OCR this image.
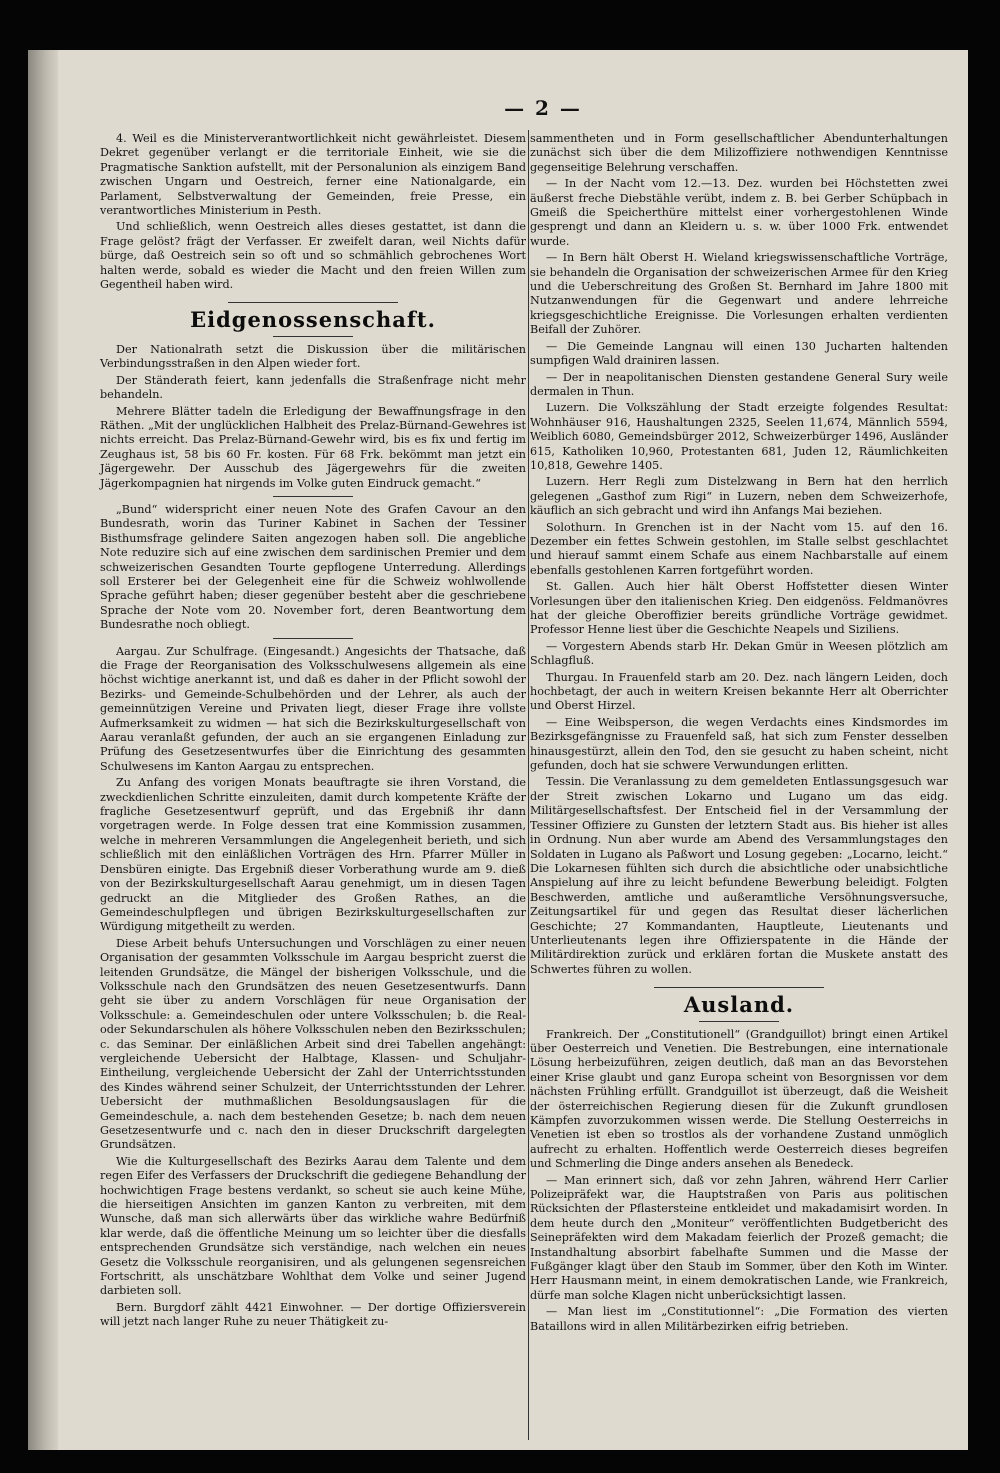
— 2 —

4. Weil es die Ministerverantwortlichkeit nicht gewährleistet. Diesem Dekret gegenüber verlangt er die territoriale Einheit, wie sie die Pragmatische Sanktion aufstellt, mit der Personalunion als einzigem Band zwischen Ungarn und Oestreich, ferner eine Nationalgarde, ein Parlament, Selbstverwaltung der Gemeinden, freie Presse, ein verantwortliches Ministerium in Pesth.

Und schließlich, wenn Oestreich alles dieses gestattet, ist dann die Frage gelöst? frägt der Verfasser. Er zweifelt daran, weil Nichts dafür bürge, daß Oestreich sein so oft und so schmählich gebrochenes Wort halten werde, sobald es wieder die Macht und den freien Willen zum Gegentheil haben wird.

Eidgenossenschaft.

Der Nationalrath setzt die Diskussion über die militärischen Verbindungsstraßen in den Alpen wieder fort.

Der Ständerath feiert, kann jedenfalls die Straßenfrage nicht mehr behandeln.

Mehrere Blätter tadeln die Erledigung der Bewaffnungsfrage in den Räthen. „Mit der unglücklichen Halbheit des Prelaz-Bürnand-Gewehres ist nichts erreicht. Das Prelaz-Bürnand-Gewehr wird, bis es fix und fertig im Zeughaus ist, 58 bis 60 Fr. kosten. Für 68 Frk. bekömmt man jetzt ein Jägergewehr. Der Ausschub des Jägergewehrs für die zweiten Jägerkompagnien hat nirgends im Volke guten Eindruck gemacht.“

„Bund“ widerspricht einer neuen Note des Grafen Cavour an den Bundesrath, worin das Turiner Kabinet in Sachen der Tessiner Bisthumsfrage gelindere Saiten angezogen haben soll. Die angebliche Note reduzire sich auf eine zwischen dem sardinischen Premier und dem schweizerischen Gesandten Tourte gepflogene Unterredung. Allerdings soll Ersterer bei der Gelegenheit eine für die Schweiz wohlwollende Sprache geführt haben; dieser gegenüber besteht aber die geschriebene Sprache der Note vom 20. November fort, deren Beantwortung dem Bundesrathe noch obliegt.

Aargau. Zur Schulfrage. (Eingesandt.) Angesichts der Thatsache, daß die Frage der Reorganisation des Volksschulwesens allgemein als eine höchst wichtige anerkannt ist, und daß es daher in der Pflicht sowohl der Bezirks- und Gemeinde-Schulbehörden und der Lehrer, als auch der gemeinnützigen Vereine und Privaten liegt, dieser Frage ihre vollste Aufmerksamkeit zu widmen — hat sich die Bezirkskulturgesellschaft von Aarau veranlaßt gefunden, der auch an sie ergangenen Einladung zur Prüfung des Gesetzesentwurfes über die Einrichtung des gesammten Schulwesens im Kanton Aargau zu entsprechen.

Zu Anfang des vorigen Monats beauftragte sie ihren Vorstand, die zweckdienlichen Schritte einzuleiten, damit durch kompetente Kräfte der fragliche Gesetzesentwurf geprüft, und das Ergebniß ihr dann vorgetragen werde. In Folge dessen trat eine Kommission zusammen, welche in mehreren Versammlungen die Angelegenheit berieth, und sich schließlich mit den einläßlichen Vorträgen des Hrn. Pfarrer Müller in Densbüren einigte. Das Ergebniß dieser Vorberathung wurde am 9. dieß von der Bezirkskulturgesellschaft Aarau genehmigt, um in diesen Tagen gedruckt an die Mitglieder des Großen Rathes, an die Gemeindeschulpflegen und übrigen Bezirkskulturgesellschaften zur Würdigung mitgetheilt zu werden.

Diese Arbeit behufs Untersuchungen und Vorschlägen zu einer neuen Organisation der gesammten Volksschule im Aargau bespricht zuerst die leitenden Grundsätze, die Mängel der bisherigen Volksschule, und die Volksschule nach den Grundsätzen des neuen Gesetzesentwurfs. Dann geht sie über zu andern Vorschlägen für neue Organisation der Volksschule: a. Gemeindeschulen oder untere Volksschulen; b. die Real- oder Sekundarschulen als höhere Volksschulen neben den Bezirksschulen; c. das Seminar. Der einläßlichen Arbeit sind drei Tabellen angehängt: vergleichende Uebersicht der Halbtage, Klassen- und Schuljahr-Eintheilung, vergleichende Uebersicht der Zahl der Unterrichtsstunden des Kindes während seiner Schulzeit, der Unterrichtsstunden der Lehrer. Uebersicht der muthmaßlichen Besoldungsauslagen für die Gemeindeschule, a. nach dem bestehenden Gesetze; b. nach dem neuen Gesetzesentwurfe und c. nach den in dieser Druckschrift dargelegten Grundsätzen.

Wie die Kulturgesellschaft des Bezirks Aarau dem Talente und dem regen Eifer des Verfassers der Druckschrift die gediegene Behandlung der hochwichtigen Frage bestens verdankt, so scheut sie auch keine Mühe, die hierseitigen Ansichten im ganzen Kanton zu verbreiten, mit dem Wunsche, daß man sich allerwärts über das wirkliche wahre Bedürfniß klar werde, daß die öffentliche Meinung um so leichter über die diesfalls entsprechenden Grundsätze sich verständige, nach welchen ein neues Gesetz die Volksschule reorganisiren, und als gelungenen segensreichen Fortschritt, als unschätzbare Wohlthat dem Volke und seiner Jugend darbieten soll.

Bern. Burgdorf zählt 4421 Einwohner. — Der dortige Offiziersverein will jetzt nach langer Ruhe zu neuer Thätigkeit zu-

sammentheten und in Form gesellschaftlicher Abendunterhaltungen zunächst sich über die dem Milizoffiziere nothwendigen Kenntnisse gegenseitige Belehrung verschaffen.

— In der Nacht vom 12.—13. Dez. wurden bei Höchstetten zwei äußerst freche Diebstähle verübt, indem z. B. bei Gerber Schüpbach in Gmeiß die Speicherthüre mittelst einer vorhergestohlenen Winde gesprengt und dann an Kleidern u. s. w. über 1000 Frk. entwendet wurde.

— In Bern hält Oberst H. Wieland kriegswissenschaftliche Vorträge, sie behandeln die Organisation der schweizerischen Armee für den Krieg und die Ueberschreitung des Großen St. Bernhard im Jahre 1800 mit Nutzanwendungen für die Gegenwart und andere lehrreiche kriegsgeschichtliche Ereignisse. Die Vorlesungen erhalten verdienten Beifall der Zuhörer.

— Die Gemeinde Langnau will einen 130 Jucharten haltenden sumpfigen Wald drainiren lassen.

— Der in neapolitanischen Diensten gestandene General Sury weile dermalen in Thun.

Luzern. Die Volkszählung der Stadt erzeigte folgendes Resultat: Wohnhäuser 916, Haushaltungen 2325, Seelen 11,674, Männlich 5594, Weiblich 6080, Gemeindsbürger 2012, Schweizerbürger 1496, Ausländer 615, Katholiken 10,960, Protestanten 681, Juden 12, Räumlichkeiten 10,818, Gewehre 1405.

Luzern. Herr Regli zum Distelzwang in Bern hat den herrlich gelegenen „Gasthof zum Rigi“ in Luzern, neben dem Schweizerhofe, käuflich an sich gebracht und wird ihn Anfangs Mai beziehen.

Solothurn. In Grenchen ist in der Nacht vom 15. auf den 16. Dezember ein fettes Schwein gestohlen, im Stalle selbst geschlachtet und hierauf sammt einem Schafe aus einem Nachbarstalle auf einem ebenfalls gestohlenen Karren fortgeführt worden.

St. Gallen. Auch hier hält Oberst Hoffstetter diesen Winter Vorlesungen über den italienischen Krieg. Den eidgenöss. Feldmanövres hat der gleiche Oberoffizier bereits gründliche Vorträge gewidmet. Professor Henne liest über die Geschichte Neapels und Siziliens.

— Vorgestern Abends starb Hr. Dekan Gmür in Weesen plötzlich am Schlagfluß.

Thurgau. In Frauenfeld starb am 20. Dez. nach längern Leiden, doch hochbetagt, der auch in weitern Kreisen bekannte Herr alt Oberrichter und Oberst Hirzel.

— Eine Weibsperson, die wegen Verdachts eines Kindsmordes im Bezirksgefängnisse zu Frauenfeld saß, hat sich zum Fenster desselben hinausgestürzt, allein den Tod, den sie gesucht zu haben scheint, nicht gefunden, doch hat sie schwere Verwundungen erlitten.

Tessin. Die Veranlassung zu dem gemeldeten Entlassungsgesuch war der Streit zwischen Lokarno und Lugano um das eidg. Militärgesellschaftsfest. Der Entscheid fiel in der Versammlung der Tessiner Offiziere zu Gunsten der letztern Stadt aus. Bis hieher ist alles in Ordnung. Nun aber wurde am Abend des Versammlungstages den Soldaten in Lugano als Paßwort und Losung gegeben: „Locarno, leicht.“ Die Lokarnesen fühlten sich durch die absichtliche oder unabsichtliche Anspielung auf ihre zu leicht befundene Bewerbung beleidigt. Folgten Beschwerden, amtliche und außeramtliche Versöhnungsversuche, Zeitungsartikel für und gegen das Resultat dieser lächerlichen Geschichte; 27 Kommandanten, Hauptleute, Lieutenants und Unterlieutenants legen ihre Offizierspatente in die Hände der Militärdirektion zurück und erklären fortan die Muskete anstatt des Schwertes führen zu wollen.

Ausland.

Frankreich. Der „Constitutionell“ (Grandguillot) bringt einen Artikel über Oesterreich und Venetien. Die Bestrebungen, eine internationale Lösung herbeizuführen, zeigen deutlich, daß man an das Bevorstehen einer Krise glaubt und ganz Europa scheint von Besorgnissen vor dem nächsten Frühling erfüllt. Grandguillot ist überzeugt, daß die Weisheit der österreichischen Regierung diesen für die Zukunft grundlosen Kämpfen zuvorzukommen wissen werde. Die Stellung Oesterreichs in Venetien ist eben so trostlos als der vorhandene Zustand unmöglich aufrecht zu erhalten. Hoffentlich werde Oesterreich dieses begreifen und Schmerling die Dinge anders ansehen als Benedeck.

— Man erinnert sich, daß vor zehn Jahren, während Herr Carlier Polizeipräfekt war, die Hauptstraßen von Paris aus politischen Rücksichten der Pflastersteine entkleidet und makadamisirt worden. In dem heute durch den „Moniteur“ veröffentlichten Budgetbericht des Seinepräfekten wird dem Makadam feierlich der Prozeß gemacht; die Instandhaltung absorbirt fabelhafte Summen und die Masse der Fußgänger klagt über den Staub im Sommer, über den Koth im Winter. Herr Hausmann meint, in einem demokratischen Lande, wie Frankreich, dürfe man solche Klagen nicht unberücksichtigt lassen.

— Man liest im „Constitutionnel“: „Die Formation des vierten Bataillons wird in allen Militärbezirken eifrig betrieben.
